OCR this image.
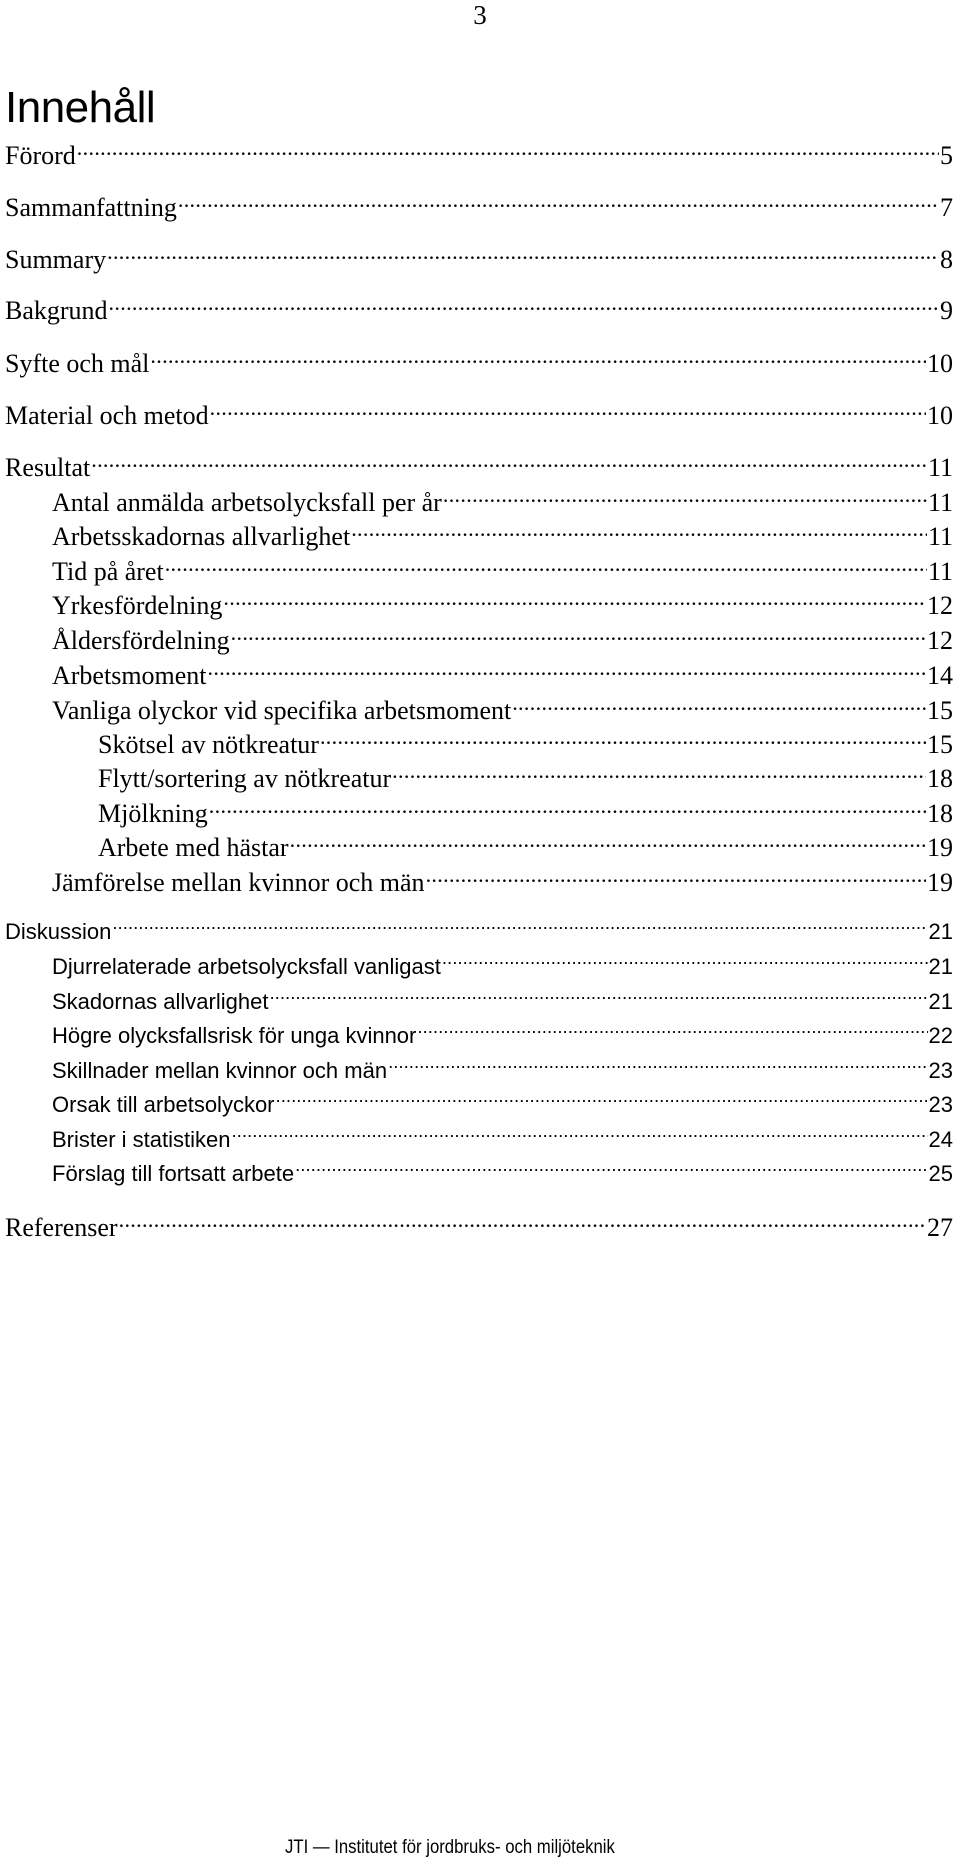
3
Innehåll
Förord . . .	5
Sammanfattning . . .	7
Summary . . .	8
Bakgrund . . .	9
Syfte och mål . . .	10
Material och metod . . .	10
Resultat . . .	11
Antal anmälda arbetsolycksfall per år . . .	11
Arbetsskadornas allvarlighet . . .	11
Tid på året . . .	11
Yrkesfördelning . . .	12
Åldersfördelning . . .	12
Arbetsmoment . . .	14
Vanliga olyckor vid specifika arbetsmoment . . .	15
Skötsel av nötkreatur . . .	15
Flytt/sortering av nötkreatur . . .	18
Mjölkning . . .	18
Arbete med hästar . . .	19
Jämförelse mellan kvinnor och män . . .	19
Diskussion . . .	21
Djurrelaterade arbetsolycksfall vanligast . . .	21
Skadornas allvarlighet . . .	21
Högre olycksfallsrisk för unga kvinnor . . .	22
Skillnader mellan kvinnor och män . . .	23
Orsak till arbetsolyckor . . .	23
Brister i statistiken . . .	24
Förslag till fortsatt arbete . . .	25
Referenser . . .	27
JTI — Institutet för jordbruks- och miljöteknik
